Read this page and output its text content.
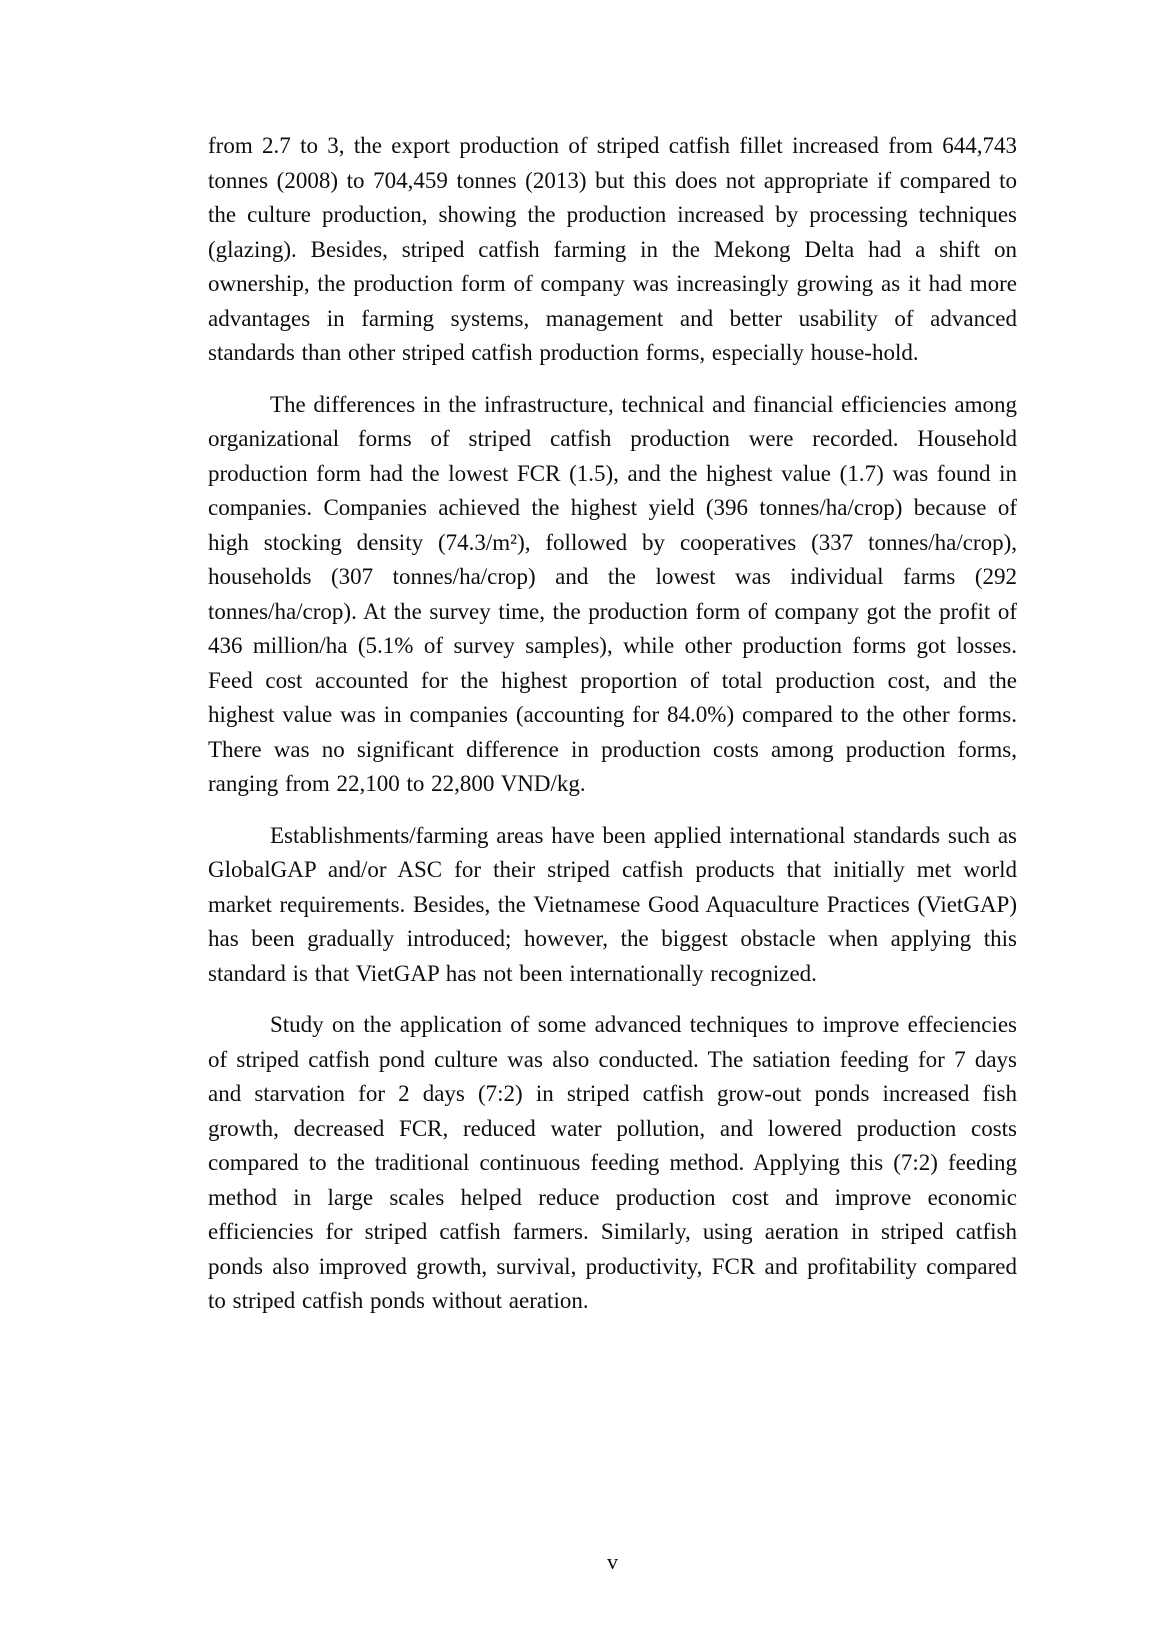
from 2.7 to 3, the export production of striped catfish fillet increased from 644,743 tonnes (2008) to 704,459 tonnes (2013) but this does not appropriate if compared to the culture production, showing the production increased by processing techniques (glazing). Besides, striped catfish farming in the Mekong Delta had a shift on ownership, the production form of company was increasingly growing as it had more advantages in farming systems, management and better usability of advanced standards than other striped catfish production forms, especially house-hold.

The differences in the infrastructure, technical and financial efficiencies among organizational forms of striped catfish production were recorded. Household production form had the lowest FCR (1.5), and the highest value (1.7) was found in companies. Companies achieved the highest yield (396 tonnes/ha/crop) because of high stocking density (74.3/m²), followed by cooperatives (337 tonnes/ha/crop), households (307 tonnes/ha/crop) and the lowest was individual farms (292 tonnes/ha/crop). At the survey time, the production form of company got the profit of 436 million/ha (5.1% of survey samples), while other production forms got losses. Feed cost accounted for the highest proportion of total production cost, and the highest value was in companies (accounting for 84.0%) compared to the other forms. There was no significant difference in production costs among production forms, ranging from 22,100 to 22,800 VND/kg.

Establishments/farming areas have been applied international standards such as GlobalGAP and/or ASC for their striped catfish products that initially met world market requirements. Besides, the Vietnamese Good Aquaculture Practices (VietGAP) has been gradually introduced; however, the biggest obstacle when applying this standard is that VietGAP has not been internationally recognized.

Study on the application of some advanced techniques to improve effeciencies of striped catfish pond culture was also conducted. The satiation feeding for 7 days and starvation for 2 days (7:2) in striped catfish grow-out ponds increased fish growth, decreased FCR, reduced water pollution, and lowered production costs compared to the traditional continuous feeding method. Applying this (7:2) feeding method in large scales helped reduce production cost and improve economic efficiencies for striped catfish farmers. Similarly, using aeration in striped catfish ponds also improved growth, survival, productivity, FCR and profitability compared to striped catfish ponds without aeration.

v
